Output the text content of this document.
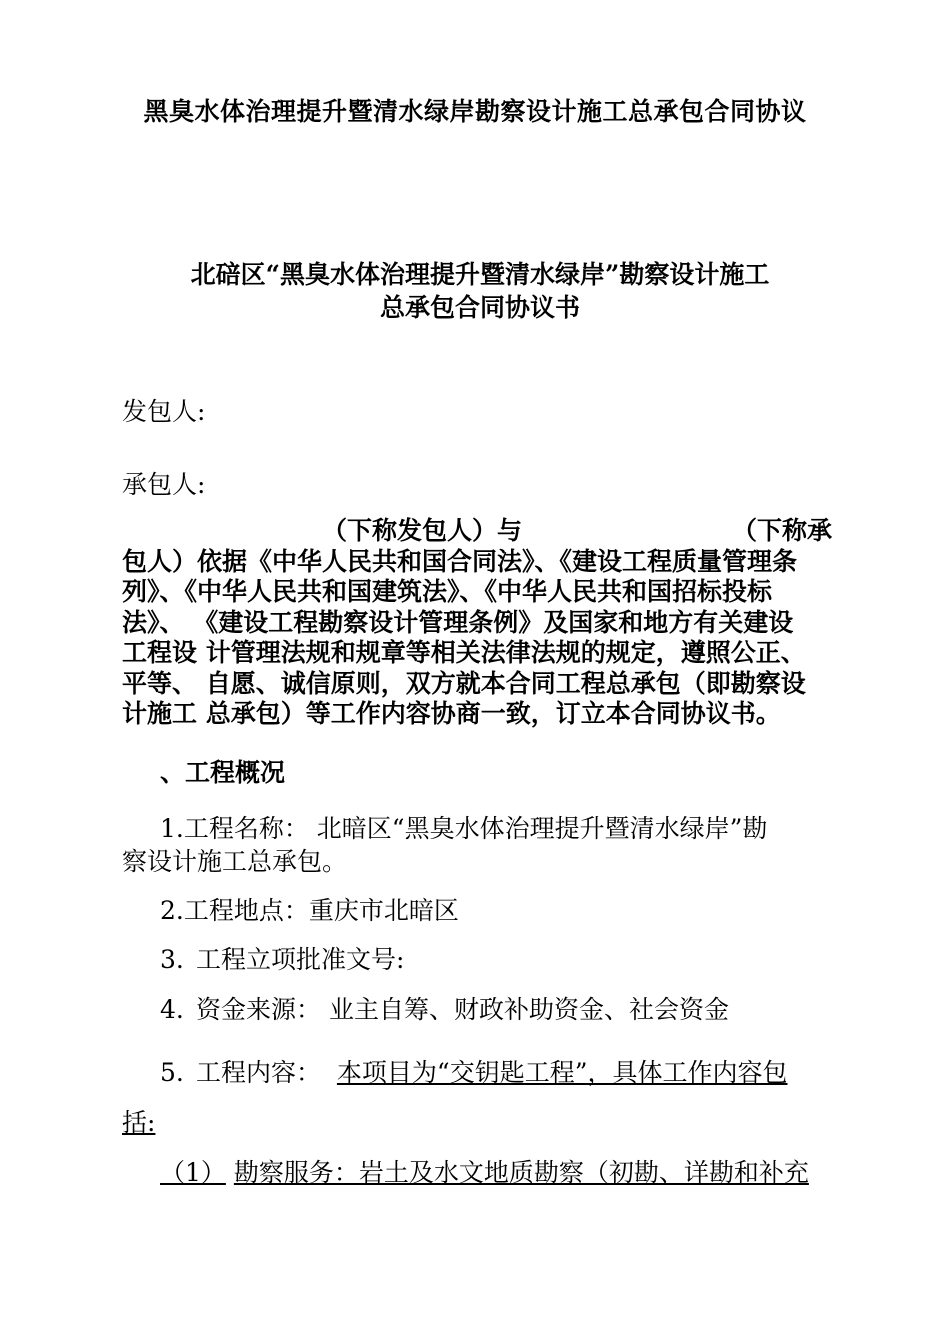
黑臭水体治理提升暨清水绿岸勘察设计施工总承包合同协议
北碚区“黑臭水体治理提升暨清水绿岸”勘察设计施工
总承包合同协议书
发包人:
承包人:
（下称发包人）与	（下称承
包人）依据《中华人民共和国合同法》、《建设工程质量管理条
列》、《中华人民共和国建筑法》、《中华人民共和国招标投标
法》、 《建设工程勘察设计管理条例》及国家和地方有关建设
工程设 计管理法规和规章等相关法律法规的规定，遵照公正、
平等、 自愿、诚信原则，双方就本合同工程总承包（即勘察设
计施工 总承包）等工作内容协商一致，订立本合同协议书。
、工程概况
1.工程名称： 北暗区“黑臭水体治理提升暨清水绿岸”勘
察设计施工总承包。
2.工程地点：重庆市北暗区
3. 工程立项批准文号:
4. 资金来源： 业主自筹、财政补助资金、社会资金
5. 工程内容： 本项目为“交钥匙工程”，具体工作内容包
括:
（1） 勘察服务：岩土及水文地质勘察（初勘、详勘和补充
